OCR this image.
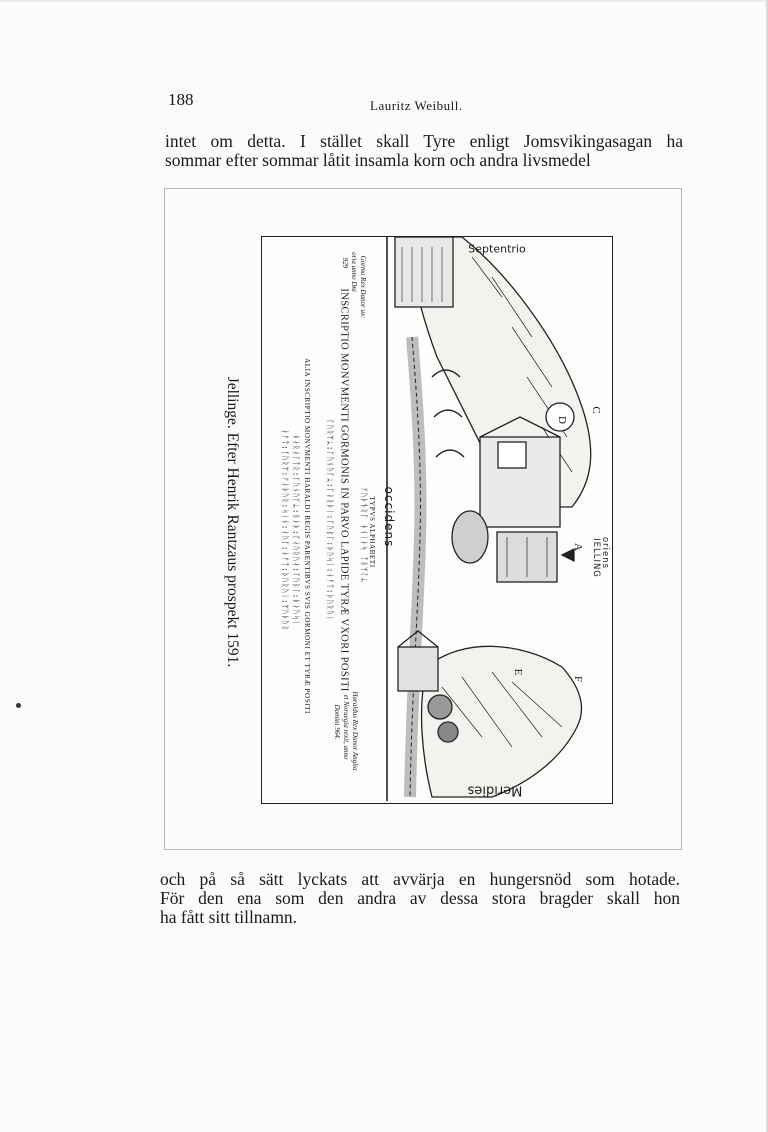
188	Lauritz Weibull.
intet om detta. I stället skall Tyre enligt Jomsvikingasagan ha
sommar efter sommar låtit insamla korn och andra livsmedel
Jellinge. Efter Henrik Rantzaus prospekt 1591.
Septentrio
Meridies
occidens
oriens
IELLING
C
D
A
F
E
INSCRIPTIO MONVMENTI GORMONIS IN PARVO LAPIDE TYRÆ VXORI POSITI	TYPVS ALPHABETI
ALIA INSCRIPTIO MONVMENTI HARALDI REGIS PARENTIBVS SVIS GORMONI ET TYRÆ POSITI
Gormo Rex Danor ux:
oria anno Dni
929
Haraldus Rex Danor Anglia
et Noruegia rexit, anno
Domini 964.
ᚠᚢᚦᚬᚱᚴ ᚼᚾᛁᛅᛋ ᛏᛒᛘᛚᛦ
ᚴᚢᚱᛘᛦ:ᚴᚢᚾᚢᚴᛦ:ᚴᛅᚱᚦᛁ:ᚴᚢᛒᛚ:ᚦᚢᛋᛁ:ᛅᚠᛏ:ᚦᚢᚱᚢᛁ
ᚼᛅᚱᛅᛚᛏᚱ:ᚴᚢᚾᚢᚴᛦ:ᛒᛅᚦ:ᚴᛅᚢᚱᚢᛅ:ᚴᚢᛒᛚ:ᚦᛅᚢᛋᛁ
ᛅᚠᛏ:ᚴᚢᚱᛘ:ᚠᛅᚦᚢᚱ:ᛋᛁᚾ:ᛅᚢᚴ:ᛅᚠᛏ:ᚦᚢᚱᚢᛁ:ᛘᚢᚦᚢᚱ
och på så sätt lyckats att avvärja en hungersnöd som hotade.
För den ena som den andra av dessa stora bragder skall hon
ha fått sitt tillnamn.
